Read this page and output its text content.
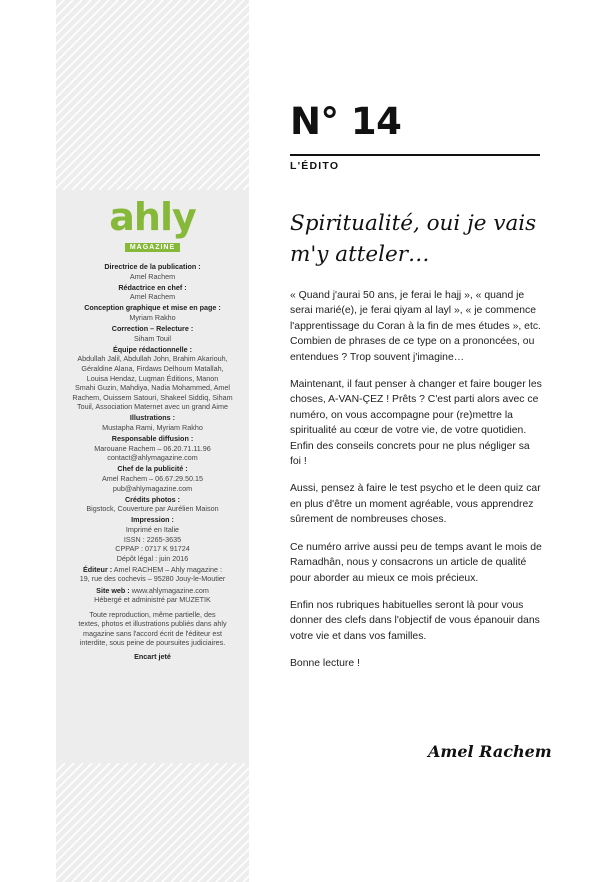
ahly
MAGAZINE
Directrice de la publication :
Amel Rachem
Rédactrice en chef :
Amel Rachem
Conception graphique et mise en page :
Myriam Rakho
Correction – Relecture :
Siham Touil
Équipe rédactionnelle :
Abdullah Jalil, Abdullah John, Brahim Akariouh,
Géraldine Alana, Firdaws Delhoum Matallah,
Louisa Hendaz, Luqman Éditions, Manon
Smahi Guzin, Mahdiya, Nadia Mohammed, Amel
Rachem, Ouissem Satouri, Shakeel Siddiq, Siham
Touil, Association Maternet avec un grand Aime
Illustrations :
Mustapha Rami, Myriam Rakho
Responsable diffusion :
Marouane Rachem – 06.20.71.11.96
contact@ahlymagazine.com
Chef de la publicité :
Amel Rachem – 06.67.29.50.15
pub@ahlymagazine.com
Crédits photos :
Bigstock, Couverture par Aurélien Maison
Impression :
Imprimé en Italie
ISSN : 2265-3635
CPPAP : 0717 K 91724
Dépôt légal : juin 2016
Éditeur : Amel RACHEM – Ahly magazine :
19, rue des cochevis – 95280 Jouy-le-Moutier
Site web : www.ahlymagazine.com
Hébergé et administré par MUZETIK
Toute reproduction, même partielle, des
textes, photos et illustrations publiés dans ahly
magazine sans l'accord écrit de l'éditeur est
interdite, sous peine de poursuites judiciaires.
Encart jeté
N° 14
L'ÉDITO
Spiritualité, oui je vais m'y atteler…

« Quand j'aurai 50 ans, je ferai le hajj », « quand je serai marié(e), je ferai qiyam al layl », « je commence l'apprentissage du Coran à la fin de mes études », etc. Combien de phrases de ce type on a prononcées, ou entendues ? Trop souvent j'imagine…

Maintenant, il faut penser à changer et faire bouger les choses, A-VAN-ÇEZ ! Prêts ? C'est parti alors avec ce numéro, on vous accompagne pour (re)mettre la spiritualité au cœur de votre vie, de votre quotidien. Enfin des conseils concrets pour ne plus négliger sa foi !

Aussi, pensez à faire le test psycho et le deen quiz car en plus d'être un moment agréable, vous apprendrez sûrement de nombreuses choses.

Ce numéro arrive aussi peu de temps avant le mois de Ramadhân, nous y consacrons un article de qualité pour aborder au mieux ce mois précieux.

Enfin nos rubriques habituelles seront là pour vous donner des clefs dans l'objectif de vous épanouir dans votre vie et dans vos familles.

Bonne lecture !

Amel Rachem
